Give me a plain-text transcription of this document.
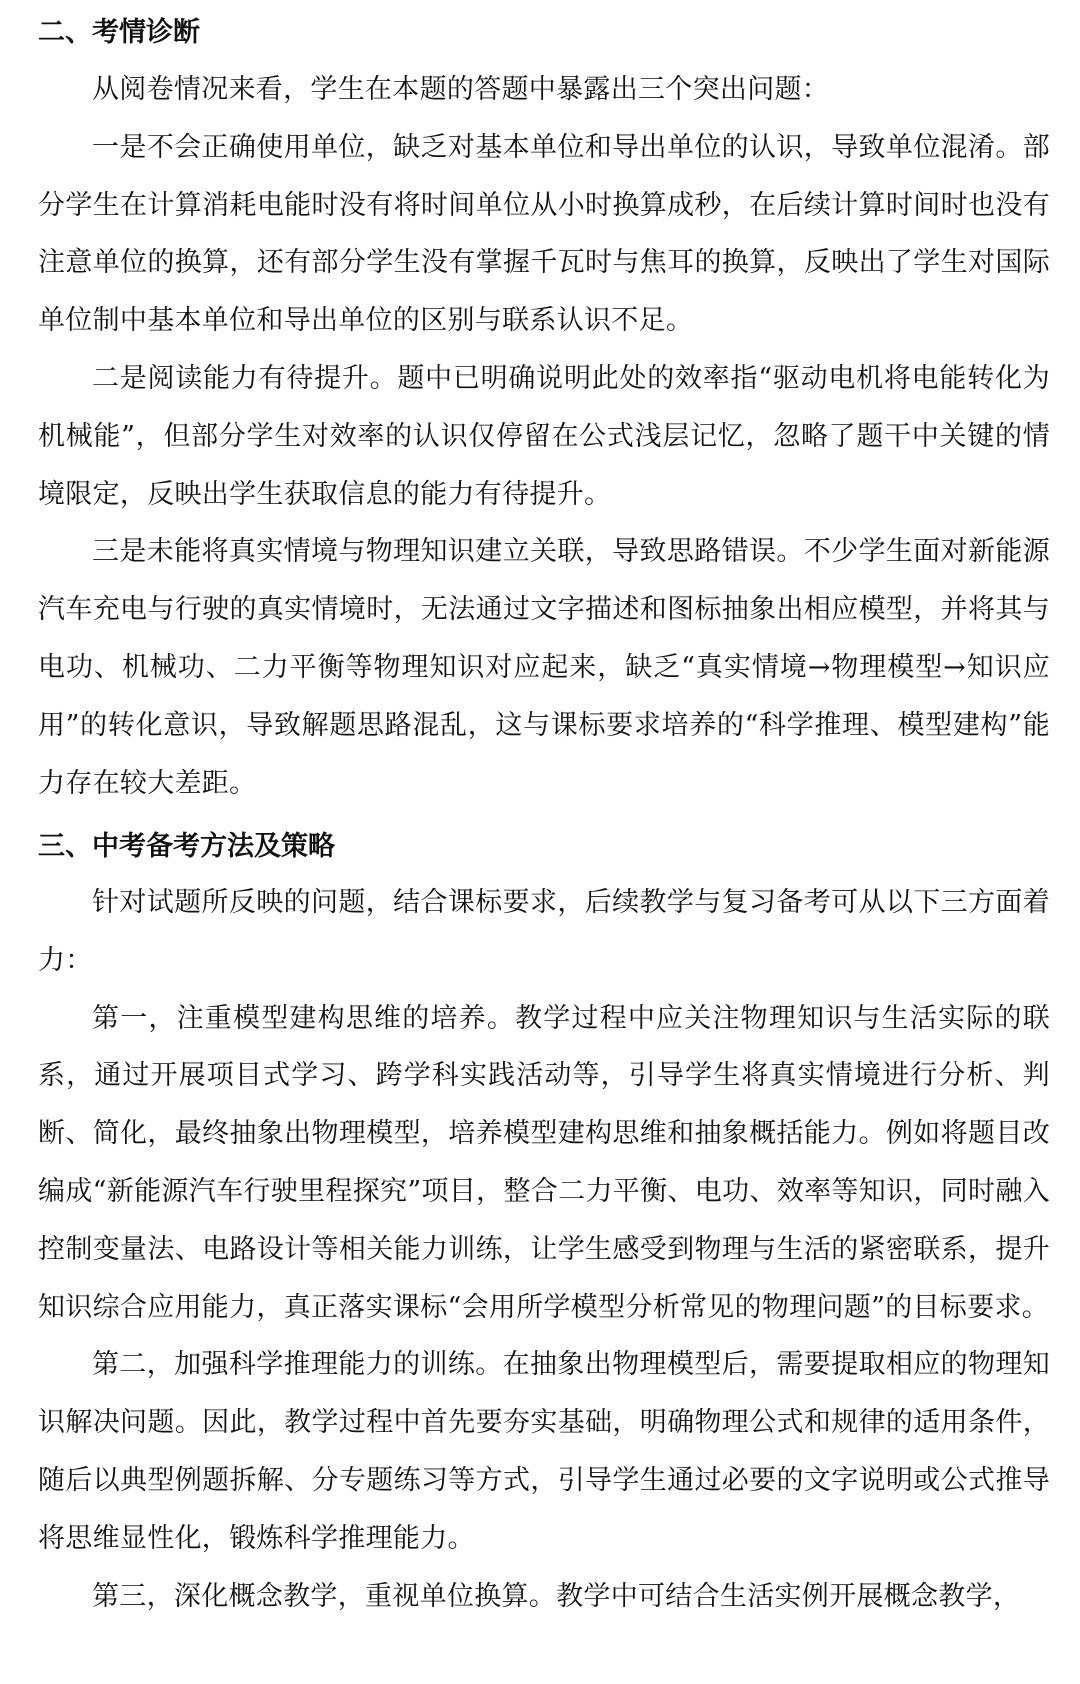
二、考情诊断

从阅卷情况来看，学生在本题的答题中暴露出三个突出问题：

一是不会正确使用单位，缺乏对基本单位和导出单位的认识，导致单位混淆。部分学生在计算消耗电能时没有将时间单位从小时换算成秒，在后续计算时间时也没有注意单位的换算，还有部分学生没有掌握千瓦时与焦耳的换算，反映出了学生对国际单位制中基本单位和导出单位的区别与联系认识不足。

二是阅读能力有待提升。题中已明确说明此处的效率指“驱动电机将电能转化为机械能”，但部分学生对效率的认识仅停留在公式浅层记忆，忽略了题干中关键的情境限定，反映出学生获取信息的能力有待提升。

三是未能将真实情境与物理知识建立关联，导致思路错误。不少学生面对新能源汽车充电与行驶的真实情境时，无法通过文字描述和图标抽象出相应模型，并将其与电功、机械功、二力平衡等物理知识对应起来，缺乏“真实情境→物理模型→知识应用”的转化意识，导致解题思路混乱，这与课标要求培养的“科学推理、模型建构”能力存在较大差距。

三、中考备考方法及策略

针对试题所反映的问题，结合课标要求，后续教学与复习备考可从以下三方面着力：

第一，注重模型建构思维的培养。教学过程中应关注物理知识与生活实际的联系，通过开展项目式学习、跨学科实践活动等，引导学生将真实情境进行分析、判断、简化，最终抽象出物理模型，培养模型建构思维和抽象概括能力。例如将题目改编成“新能源汽车行驶里程探究”项目，整合二力平衡、电功、效率等知识，同时融入控制变量法、电路设计等相关能力训练，让学生感受到物理与生活的紧密联系，提升知识综合应用能力，真正落实课标“会用所学模型分析常见的物理问题”的目标要求。

第二，加强科学推理能力的训练。在抽象出物理模型后，需要提取相应的物理知识解决问题。因此，教学过程中首先要夯实基础，明确物理公式和规律的适用条件，随后以典型例题拆解、分专题练习等方式，引导学生通过必要的文字说明或公式推导将思维显性化，锻炼科学推理能力。

第三，深化概念教学，重视单位换算。教学中可结合生活实例开展概念教学，
